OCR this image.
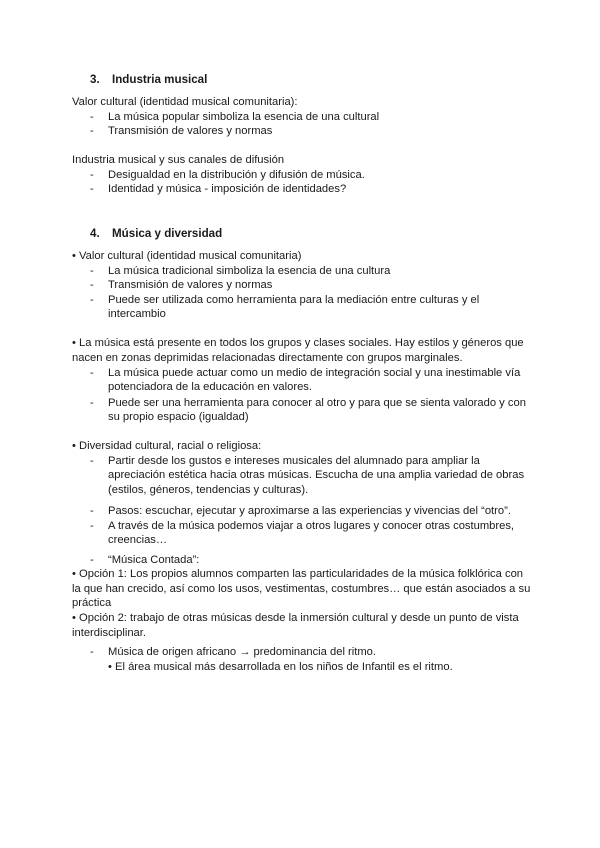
3. Industria musical
Valor cultural (identidad musical comunitaria):
- La música popular simboliza la esencia de una cultural
- Transmisión de valores y normas
Industria musical y sus canales de difusión
- Desigualdad en la distribución y difusión de música.
- Identidad y música - imposición de identidades?
4. Música y diversidad
• Valor cultural (identidad musical comunitaria)
- La música tradicional simboliza la esencia de una cultura
- Transmisión de valores y normas
- Puede ser utilizada como herramienta para la mediación entre culturas y el
intercambio
• La música está presente en todos los grupos y clases sociales. Hay estilos y géneros que
nacen en zonas deprimidas relacionadas directamente con grupos marginales.
- La música puede actuar como un medio de integración social y una inestimable vía
potenciadora de la educación en valores.
- Puede ser una herramienta para conocer al otro y para que se sienta valorado y con
su propio espacio (igualdad)
• Diversidad cultural, racial o religiosa:
- Partir desde los gustos e intereses musicales del alumnado para ampliar la
apreciación estética hacia otras músicas. Escucha de una amplia variedad de obras
(estilos, géneros, tendencias y culturas).
- Pasos: escuchar, ejecutar y aproximarse a las experiencias y vivencias del “otro”.
- A través de la música podemos viajar a otros lugares y conocer otras costumbres,
creencias…
- “Música Contada”:
• Opción 1: Los propios alumnos comparten las particularidades de la música folklórica con
la que han crecido, así como los usos, vestimentas, costumbres… que están asociados a su
práctica
• Opción 2: trabajo de otras músicas desde la inmersión cultural y desde un punto de vista
interdisciplinar.
- Música de origen africano → predominancia del ritmo.
• El área musical más desarrollada en los niños de Infantil es el ritmo.
